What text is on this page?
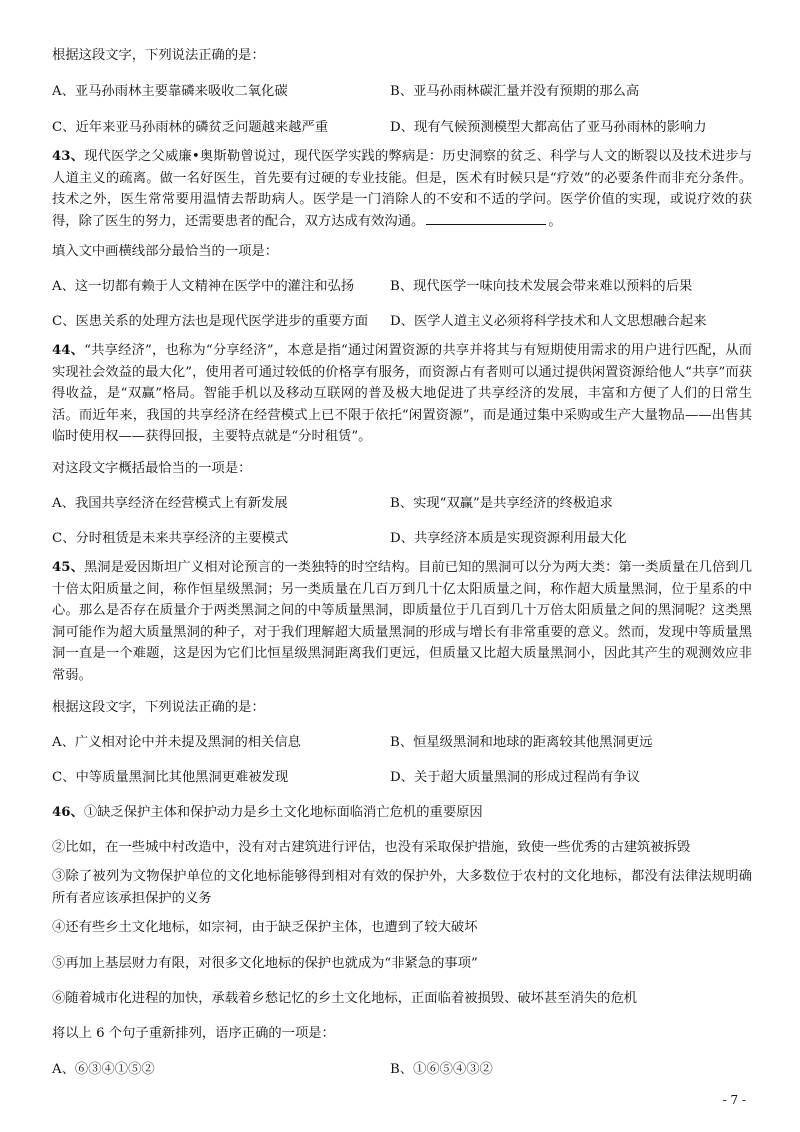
根据这段文字，下列说法正确的是：

A、亚马孙雨林主要靠磷来吸收二氧化碳	B、亚马孙雨林碳汇量并没有预期的那么高

C、近年来亚马孙雨林的磷贫乏问题越来越严重	D、现有气候预测模型大都高估了亚马孙雨林的影响力

43、现代医学之父威廉•奥斯勒曾说过，现代医学实践的弊病是：历史洞察的贫乏、科学与人文的断裂以及技术进步与人道主义的疏离。做一名好医生，首先要有过硬的专业技能。但是，医术有时候只是“疗效”的必要条件而非充分条件。技术之外，医生常常要用温情去帮助病人。医学是一门消除人的不安和不适的学问。医学价值的实现，或说疗效的获得，除了医生的努力，还需要患者的配合，双方达成有效沟通。	。

填入文中画横线部分最恰当的一项是：

A、这一切都有赖于人文精神在医学中的灌注和弘扬	B、现代医学一味向技术发展会带来难以预料的后果

C、医患关系的处理方法也是现代医学进步的重要方面 D、医学人道主义必须将科学技术和人文思想融合起来

44、“共享经济”，也称为“分享经济”，本意是指“通过闲置资源的共享并将其与有短期使用需求的用户进行匹配，从而实现社会效益的最大化”，使用者可通过较低的价格享有服务，而资源占有者则可以通过提供闲置资源给他人“共享”而获得收益，是“双赢”格局。智能手机以及移动互联网的普及极大地促进了共享经济的发展，丰富和方便了人们的日常生活。而近年来，我国的共享经济在经营模式上已不限于依托“闲置资源”，而是通过集中采购或生产大量物品——出售其临时使用权——获得回报，主要特点就是“分时租赁”。

对这段文字概括最恰当的一项是：

A、我国共享经济在经营模式上有新发展	B、实现“双赢”是共享经济的终极追求

C、分时租赁是未来共享经济的主要模式	D、共享经济本质是实现资源利用最大化

45、黑洞是爱因斯坦广义相对论预言的一类独特的时空结构。目前已知的黑洞可以分为两大类：第一类质量在几倍到几十倍太阳质量之间，称作恒星级黑洞；另一类质量在几百万到几十亿太阳质量之间，称作超大质量黑洞，位于星系的中心。那么是否存在质量介于两类黑洞之间的中等质量黑洞，即质量位于几百到几十万倍太阳质量之间的黑洞呢？这类黑洞可能作为超大质量黑洞的种子，对于我们理解超大质量黑洞的形成与增长有非常重要的意义。然而，发现中等质量黑洞一直是一个难题，这是因为它们比恒星级黑洞距离我们更远，但质量又比超大质量黑洞小，因此其产生的观测效应非常弱。

根据这段文字，下列说法正确的是：

A、广义相对论中并未提及黑洞的相关信息	B、恒星级黑洞和地球的距离较其他黑洞更远

C、中等质量黑洞比其他黑洞更难被发现	D、关于超大质量黑洞的形成过程尚有争议

46、①缺乏保护主体和保护动力是乡土文化地标面临消亡危机的重要原因

②比如，在一些城中村改造中，没有对古建筑进行评估，也没有采取保护措施，致使一些优秀的古建筑被拆毁

③除了被列为文物保护单位的文化地标能够得到相对有效的保护外，大多数位于农村的文化地标，都没有法律法规明确所有者应该承担保护的义务

④还有些乡土文化地标，如宗祠，由于缺乏保护主体，也遭到了较大破坏

⑤再加上基层财力有限，对很多文化地标的保护也就成为“非紧急的事项”

⑥随着城市化进程的加快，承载着乡愁记忆的乡土文化地标，正面临着被损毁、破坏甚至消失的危机

将以上 6 个句子重新排列，语序正确的一项是：

A、⑥③④①⑤②	B、①⑥⑤④③②

- 7 -
